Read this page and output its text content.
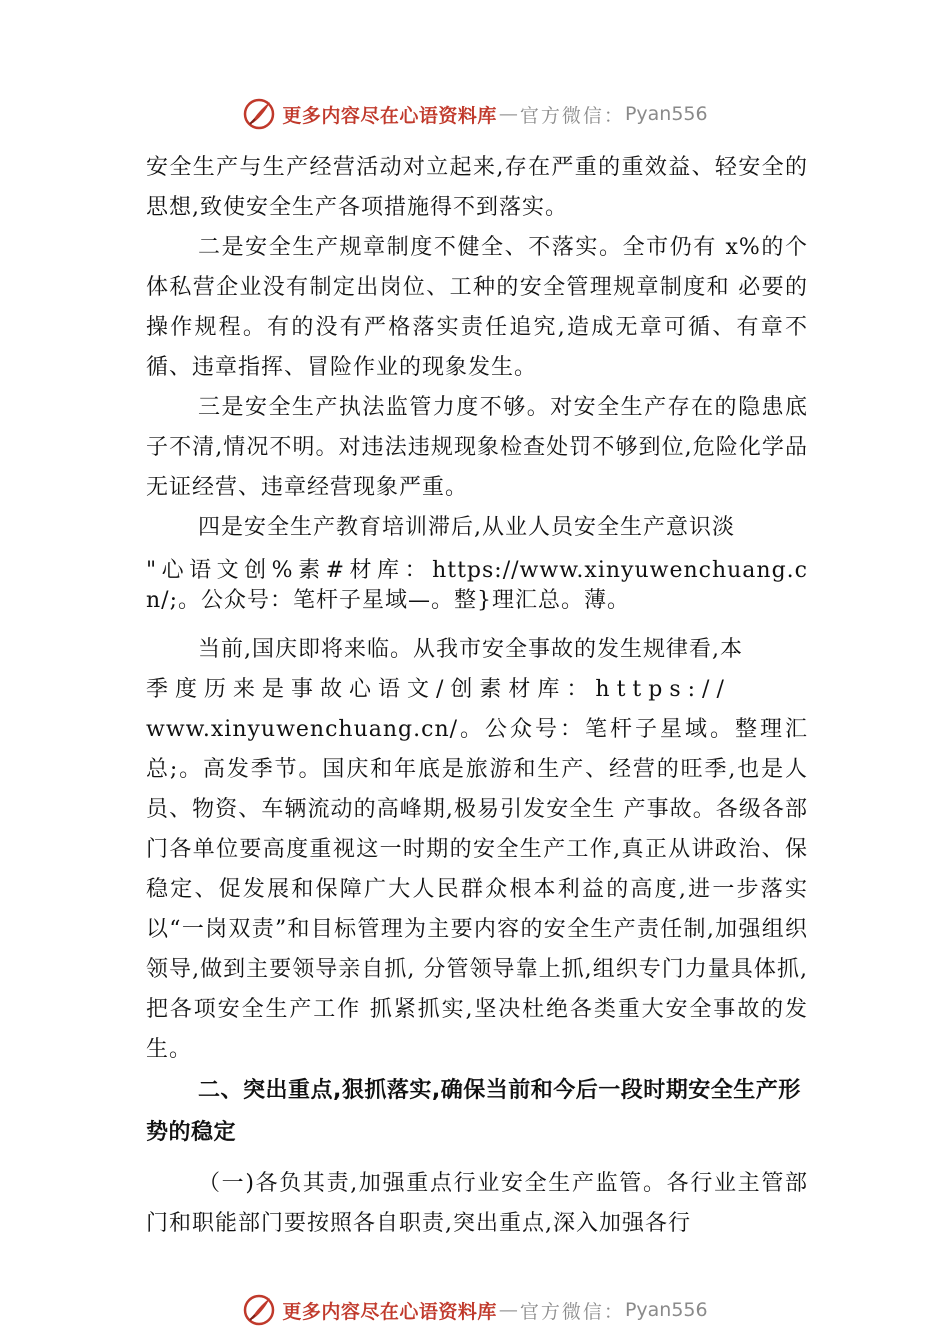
更多内容尽在心语资料库 — 官方微信： Pyan556

安全生产与生产经营活动对立起来,存在严重的重效益、轻安全的思想,致使安全生产各项措施得不到落实。

二是安全生产规章制度不健全、不落实。全市仍有 x%的个体私营企业没有制定出岗位、工种的安全管理规章制度和 必要的操作规程。有的没有严格落实责任追究,造成无章可循、有章不循、违章指挥、冒险作业的现象发生。

三是安全生产执法监管力度不够。对安全生产存在的隐患底子不清,情况不明。对违法违规现象检查处罚不够到位,危险化学品无证经营、违章经营现象严重。

四是安全生产教育培训滞后,从业人员安全生产意识淡

"心语文创%素#材库：https://www.xinyuwenchuang.cn/;。公众号：笔杆子星域—。整}理汇总。薄。

当前,国庆即将来临。从我市安全事故的发生规律看,本

季度历来是事故心语文/创素材库：https://

www.xinyuwenchuang.cn/。公众号：笔杆子星域。整理汇总;。高发季节。国庆和年底是旅游和生产、经营的旺季,也是人员、物资、车辆流动的高峰期,极易引发安全生 产事故。各级各部门各单位要高度重视这一时期的安全生产工作,真正从讲政治、保稳定、促发展和保障广大人民群众根本利益的高度,进一步落实以“一岗双责”和目标管理为主要内容的安全生产责任制,加强组织领导,做到主要领导亲自抓, 分管领导靠上抓,组织专门力量具体抓,把各项安全生产工作 抓紧抓实,坚决杜绝各类重大安全事故的发生。

二、突出重点,狠抓落实,确保当前和今后一段时期安全生产形势的稳定

（一)各负其责,加强重点行业安全生产监管。各行业主管部门和职能部门要按照各自职责,突出重点,深入加强各行

更多内容尽在心语资料库 — 官方微信： Pyan556
